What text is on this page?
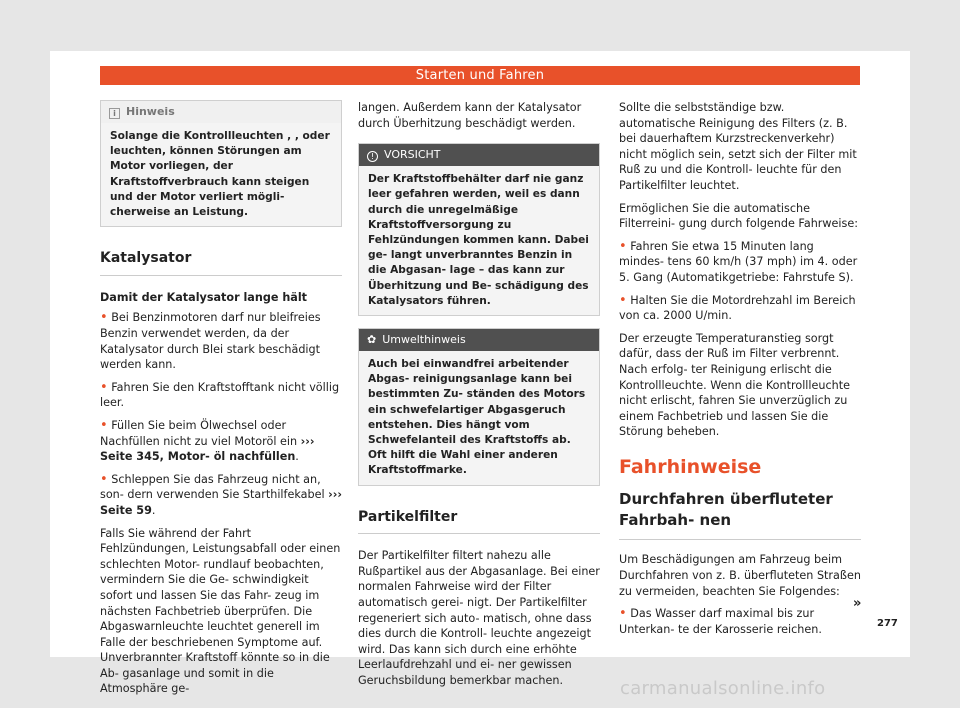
Starten und Fahren
i Hinweis
Solange die Kontrollleuchten , , oder leuchten, können Störungen am Motor vorliegen, der Kraftstoffverbrauch kann steigen und der Motor verliert mögli- cherweise an Leistung.
Katalysator
Damit der Katalysator lange hält

• Bei Benzinmotoren darf nur bleifreies Benzin verwendet werden, da der Katalysator durch Blei stark beschädigt werden kann.

• Fahren Sie den Kraftstofftank nicht völlig leer.

• Füllen Sie beim Ölwechsel oder Nachfüllen nicht zu viel Motoröl ein ››› Seite 345, Motor- öl nachfüllen.

• Schleppen Sie das Fahrzeug nicht an, son- dern verwenden Sie Starthilfekabel ››› Seite 59.

Falls Sie während der Fahrt Fehlzündungen, Leistungsabfall oder einen schlechten Motor- rundlauf beobachten, vermindern Sie die Ge- schwindigkeit sofort und lassen Sie das Fahr- zeug im nächsten Fachbetrieb überprüfen. Die Abgaswarnleuchte leuchtet generell im Falle der beschriebenen Symptome auf. Unverbrannter Kraftstoff könnte so in die Ab- gasanlage und somit in die Atmosphäre ge-

langen. Außerdem kann der Katalysator durch Überhitzung beschädigt werden.

! VORSICHT
Der Kraftstoffbehälter darf nie ganz leer gefahren werden, weil es dann durch die unregelmäßige Kraftstoffversorgung zu Fehlzündungen kommen kann. Dabei ge- langt unverbranntes Benzin in die Abgasan- lage – das kann zur Überhitzung und Be- schädigung des Katalysators führen.
✿ Umwelthinweis
Auch bei einwandfrei arbeitender Abgas- reinigungsanlage kann bei bestimmten Zu- ständen des Motors ein schwefelartiger Abgasgeruch entstehen. Dies hängt vom Schwefelanteil des Kraftstoffs ab. Oft hilft die Wahl einer anderen Kraftstoffmarke.
Partikelfilter

Der Partikelfilter filtert nahezu alle Rußpartikel aus der Abgasanlage. Bei einer normalen Fahrweise wird der Filter automatisch gerei- nigt. Der Partikelfilter regeneriert sich auto- matisch, ohne dass dies durch die Kontroll- leuchte angezeigt wird. Das kann sich durch eine erhöhte Leerlaufdrehzahl und ei- ner gewissen Geruchsbildung bemerkbar machen.

Sollte die selbstständige bzw. automatische Reinigung des Filters (z. B. bei dauerhaftem Kurzstreckenverkehr) nicht möglich sein, setzt sich der Filter mit Ruß zu und die Kontroll- leuchte für den Partikelfilter leuchtet.

Ermöglichen Sie die automatische Filterreini- gung durch folgende Fahrweise:

• Fahren Sie etwa 15 Minuten lang mindes- tens 60 km/h (37 mph) im 4. oder 5. Gang (Automatikgetriebe: Fahrstufe S).

• Halten Sie die Motordrehzahl im Bereich von ca. 2000 U/min.

Der erzeugte Temperaturanstieg sorgt dafür, dass der Ruß im Filter verbrennt. Nach erfolg- ter Reinigung erlischt die Kontrollleuchte. Wenn die Kontrollleuchte nicht erlischt, fahren Sie unverzüglich zu einem Fachbetrieb und lassen Sie die Störung beheben.

Fahrhinweise
Durchfahren überfluteter Fahrbah- nen

Um Beschädigungen am Fahrzeug beim Durchfahren von z. B. überfluteten Straßen zu vermeiden, beachten Sie Folgendes:

• Das Wasser darf maximal bis zur Unterkan- te der Karosserie reichen.

»
277
carmanualsonline.info
